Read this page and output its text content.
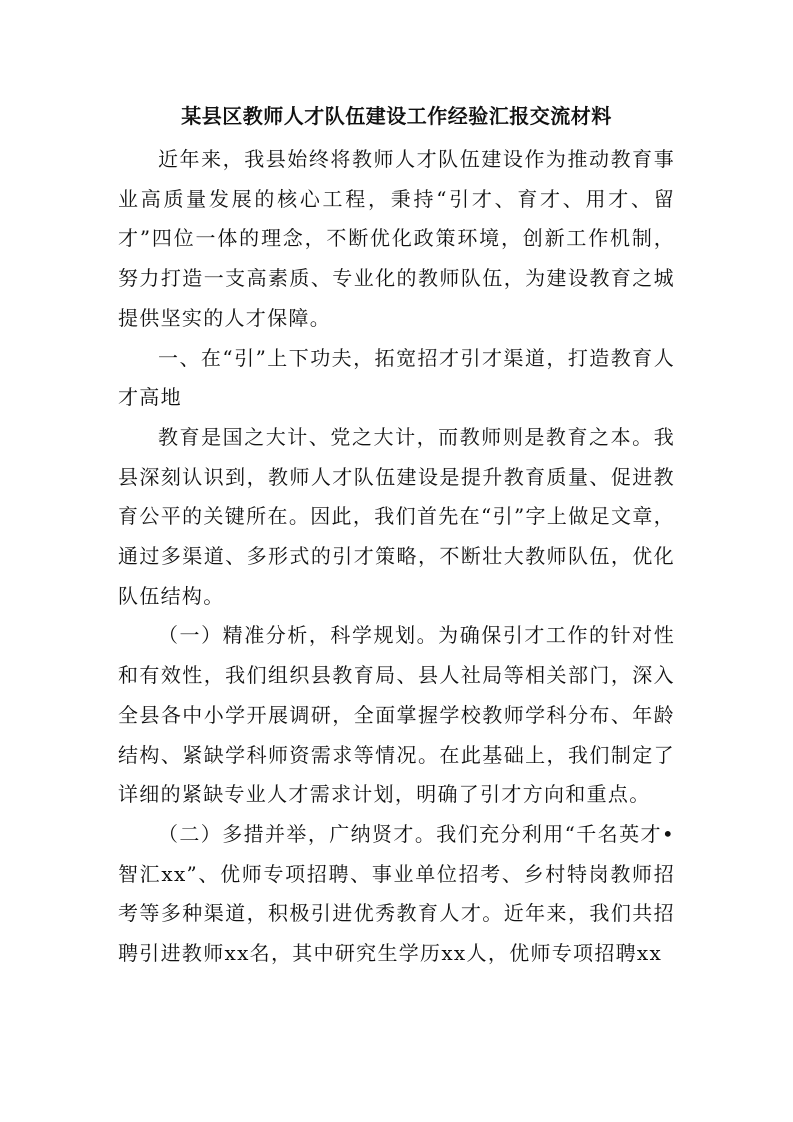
某县区教师人才队伍建设工作经验汇报交流材料

近年来，我县始终将教师人才队伍建设作为推动教育事业高质量发展的核心工程，秉持“引才、育才、用才、留才”四位一体的理念，不断优化政策环境，创新工作机制，努力打造一支高素质、专业化的教师队伍，为建设教育之城提供坚实的人才保障。

一、在“引”上下功夫，拓宽招才引才渠道，打造教育人才高地

教育是国之大计、党之大计，而教师则是教育之本。我县深刻认识到，教师人才队伍建设是提升教育质量、促进教育公平的关键所在。因此，我们首先在“引”字上做足文章，通过多渠道、多形式的引才策略，不断壮大教师队伍，优化队伍结构。

（一）精准分析，科学规划。为确保引才工作的针对性和有效性，我们组织县教育局、县人社局等相关部门，深入全县各中小学开展调研，全面掌握学校教师学科分布、年龄结构、紧缺学科师资需求等情况。在此基础上，我们制定了详细的紧缺专业人才需求计划，明确了引才方向和重点。

（二）多措并举，广纳贤才。我们充分利用“千名英才•智汇xx”、优师专项招聘、事业单位招考、乡村特岗教师招考等多种渠道，积极引进优秀教育人才。近年来，我们共招聘引进教师xx名，其中研究生学历xx人，优师专项招聘xx
